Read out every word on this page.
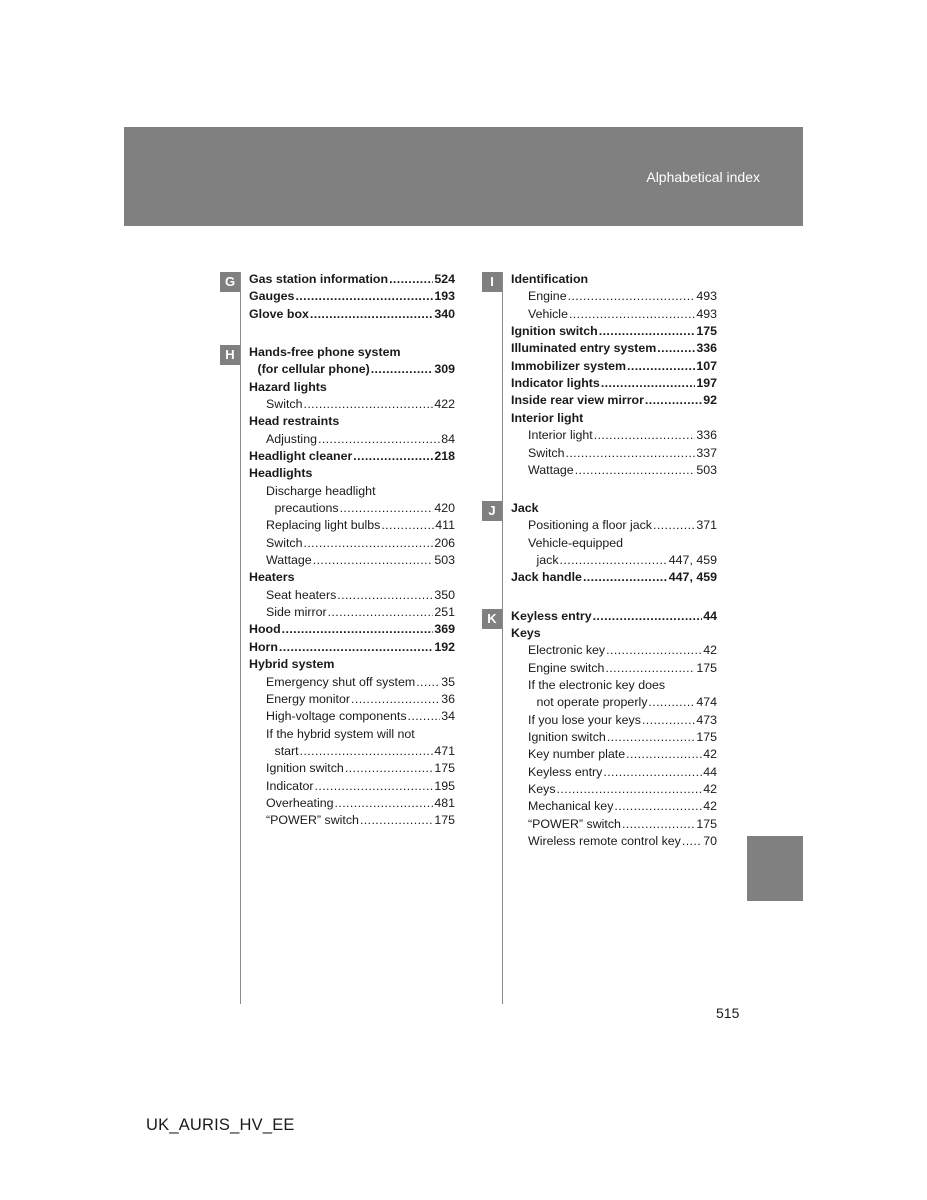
Alphabetical index
G	Gas station information .....	524
Gauges .....	193
Glove box .....	340
H	Hands-free phone system
(for cellular phone) .....	309
Hazard lights
Switch .....	422
Head restraints
Adjusting .....	84
Headlight cleaner .....	218
Headlights
Discharge headlight
precautions .....	420
Replacing light bulbs .....	411
Switch .....	206
Wattage .....	503
Heaters
Seat heaters .....	350
Side mirror .....	251
Hood .....	369
Horn .....	192
Hybrid system
Emergency shut off system ..... 35
Energy monitor .....	36
High-voltage components .....	34
If the hybrid system will not
start .....	471
Ignition switch .....	175
Indicator .....	195
Overheating .....	481
“POWER” switch .....	175
I	Identification
Engine .....	493
Vehicle .....	493
Ignition switch .....	175
Illuminated entry system .....	336
Immobilizer system .....	107
Indicator lights .....	197
Inside rear view mirror .....	92
Interior light
Interior light .....	336
Switch .....	337
Wattage .....	503
J	Jack
Positioning a floor jack .....	371
Vehicle-equipped
jack .....	447, 459
Jack handle .....	447, 459
K	Keyless entry .....	44
Keys
Electronic key .....	42
Engine switch .....	175
If the electronic key does
not operate properly .....	474
If you lose your keys .....	473
Ignition switch .....	175
Key number plate .....	42
Keyless entry .....	44
Keys .....	42
Mechanical key .....	42
“POWER” switch .....	175
Wireless remote control key ..... 70
515
UK_AURIS_HV_EE
